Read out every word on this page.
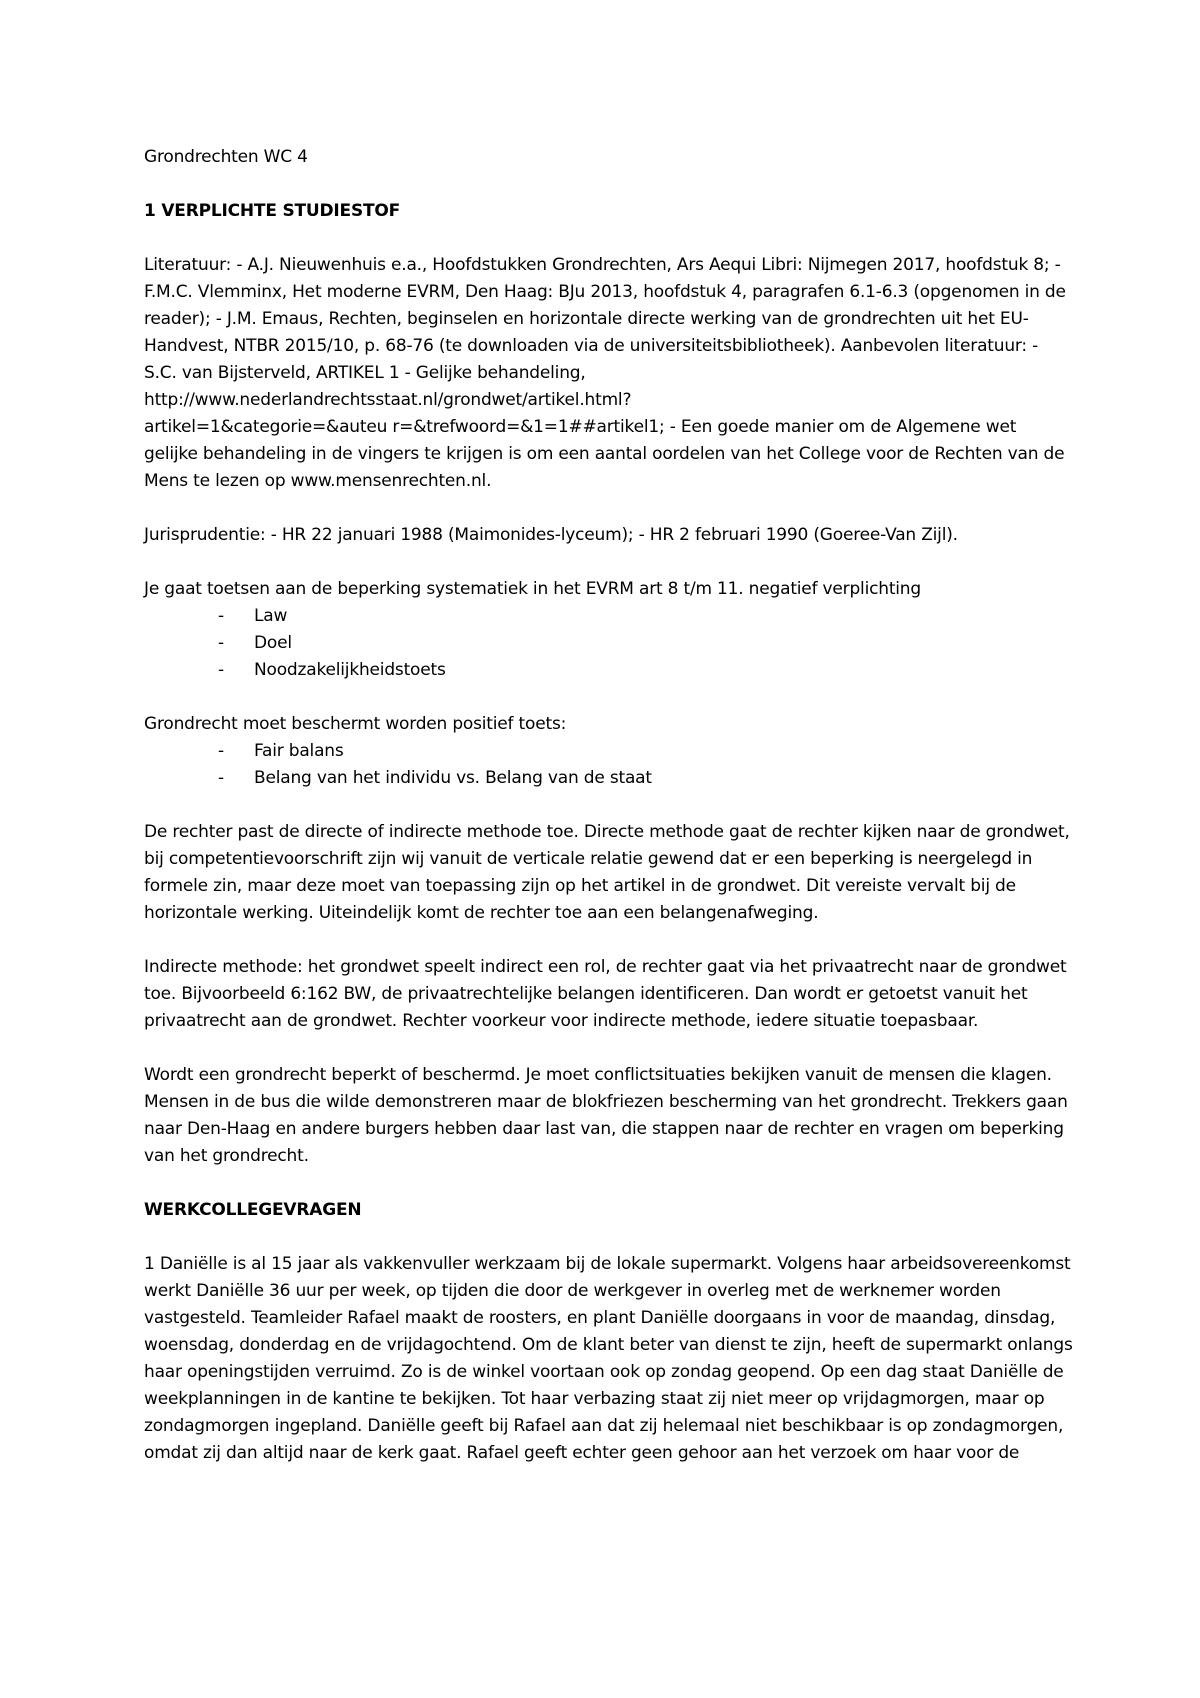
Grondrechten WC 4

1 VERPLICHTE STUDIESTOF

Literatuur: - A.J. Nieuwenhuis e.a., Hoofdstukken Grondrechten, Ars Aequi Libri: Nijmegen 2017, hoofdstuk 8; - F.M.C. Vlemminx, Het moderne EVRM, Den Haag: BJu 2013, hoofdstuk 4, paragrafen 6.1-6.3 (opgenomen in de reader); - J.M. Emaus, Rechten, beginselen en horizontale directe werking van de grondrechten uit het EU-Handvest, NTBR 2015/10, p. 68-76 (te downloaden via de universiteitsbibliotheek). Aanbevolen literatuur: - S.C. van Bijsterveld, ARTIKEL 1 - Gelijke behandeling, http://www.nederlandrechtsstaat.nl/grondwet/artikel.html?

artikel=1&categorie=&auteu r=&trefwoord=&1=1##artikel1; - Een goede manier om de Algemene wet gelijke behandeling in de vingers te krijgen is om een aantal oordelen van het College voor de Rechten van de Mens te lezen op www.mensenrechten.nl.

Jurisprudentie: - HR 22 januari 1988 (Maimonides-lyceum); - HR 2 februari 1990 (Goeree-Van Zijl).

Je gaat toetsen aan de beperking systematiek in het EVRM art 8 t/m 11. negatief verplichting

- Law
- Doel
- Noodzakelijkheidstoets

Grondrecht moet beschermt worden positief toets:

- Fair balans
- Belang van het individu vs. Belang van de staat

De rechter past de directe of indirecte methode toe. Directe methode gaat de rechter kijken naar de grondwet, bij competentievoorschrift zijn wij vanuit de verticale relatie gewend dat er een beperking is neergelegd in formele zin, maar deze moet van toepassing zijn op het artikel in de grondwet. Dit vereiste vervalt bij de horizontale werking. Uiteindelijk komt de rechter toe aan een belangenafweging.

Indirecte methode: het grondwet speelt indirect een rol, de rechter gaat via het privaatrecht naar de grondwet toe. Bijvoorbeeld 6:162 BW, de privaatrechtelijke belangen identificeren. Dan wordt er getoetst vanuit het privaatrecht aan de grondwet. Rechter voorkeur voor indirecte methode, iedere situatie toepasbaar.

Wordt een grondrecht beperkt of beschermd. Je moet conflictsituaties bekijken vanuit de mensen die klagen. Mensen in de bus die wilde demonstreren maar de blokfriezen bescherming van het grondrecht. Trekkers gaan naar Den-Haag en andere burgers hebben daar last van, die stappen naar de rechter en vragen om beperking van het grondrecht.

WERKCOLLEGEVRAGEN

1 Daniëlle is al 15 jaar als vakkenvuller werkzaam bij de lokale supermarkt. Volgens haar arbeidsovereenkomst werkt Daniëlle 36 uur per week, op tijden die door de werkgever in overleg met de werknemer worden vastgesteld. Teamleider Rafael maakt de roosters, en plant Daniëlle doorgaans in voor de maandag, dinsdag, woensdag, donderdag en de vrijdagochtend. Om de klant beter van dienst te zijn, heeft de supermarkt onlangs haar openingstijden verruimd. Zo is de winkel voortaan ook op zondag geopend. Op een dag staat Daniëlle de weekplanningen in de kantine te bekijken. Tot haar verbazing staat zij niet meer op vrijdagmorgen, maar op zondagmorgen ingepland. Daniëlle geeft bij Rafael aan dat zij helemaal niet beschikbaar is op zondagmorgen, omdat zij dan altijd naar de kerk gaat. Rafael geeft echter geen gehoor aan het verzoek om haar voor de
